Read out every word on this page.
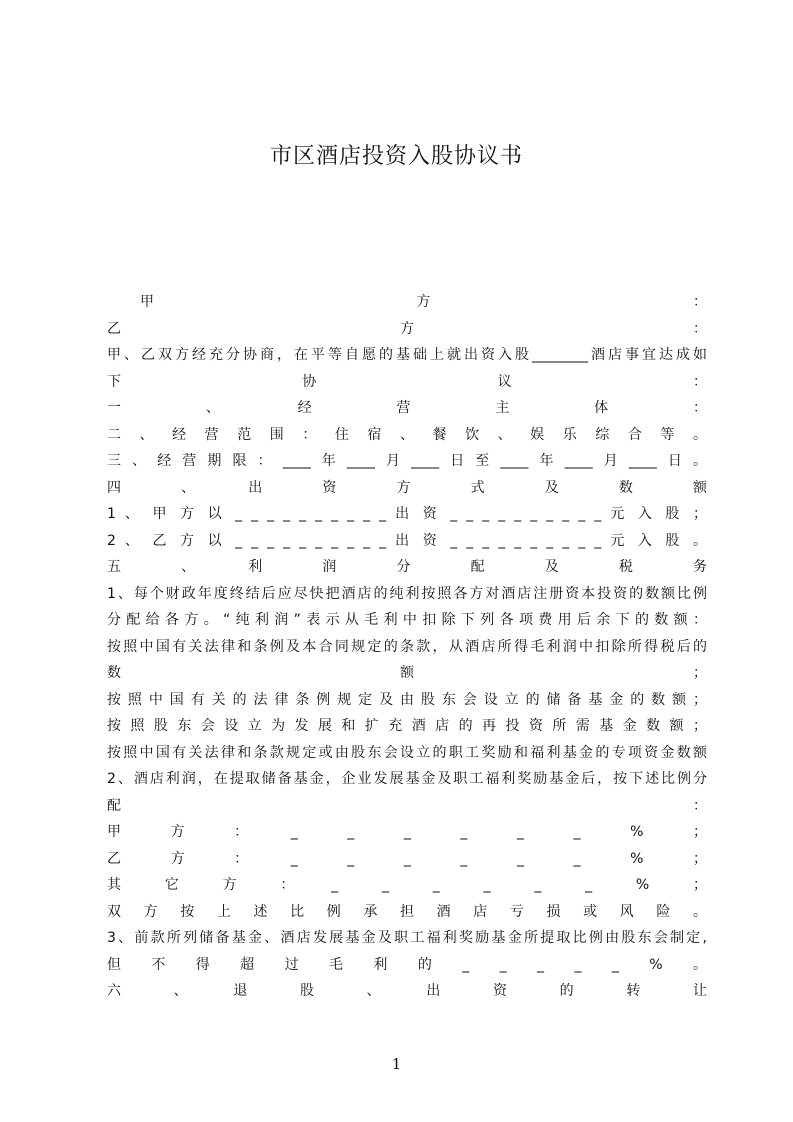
市区酒店投资入股协议书
甲　　　　　　　　　　方　　　　　　　　　　：
乙　　　　　　　　　　方　　　　　　　　　　：
甲、乙双方经充分协商，在平等自愿的基础上就出资入股________酒店事宜达成如
下　　　　　　协　　　　　　议　　　　　　：
一　　、　　经　　营　　主　　体　　：
二 、 经 营 范 围 ： 住 宿 、 餐 饮 、 娱 乐 综 合 等 。
三、经营期限：____年____月____日至____年____月____日。
四　、　出　资　方　式　及　数　额
1 、 甲 方 以 _ _ _ _ _ _ _ _ _ _ 出 资 _ _ _ _ _ _ _ _ _ _ 元 入 股 ；
2 、 乙 方 以 _ _ _ _ _ _ _ _ _ _ 出 资 _ _ _ _ _ _ _ _ _ _ 元 入 股 。
五　、　利　润　分　配　及　税　务
1、每个财政年度终结后应尽快把酒店的纯利按照各方对酒店注册资本投资的数额比例
分配给各方。“纯利润”表示从毛利中扣除下列各项费用后余下的数额：
按照中国有关法律和条例及本合同规定的条款，从酒店所得毛利润中扣除所得税后的
数　　　　　　　　　　额　　　　　　　　　　；
按照中国有关的法律条例规定及由股东会设立的储备基金的数额；
按照股东会设立为发展和扩充酒店的再投资所需基金数额；
按照中国有关法律和条款规定或由股东会设立的职工奖励和福利基金的专项资金数额
2、酒店利润，在提取储备基金，企业发展基金及职工福利奖励基金后，按下述比例分
配　　　　　　　　　　　　　　　　　　　　：
甲　方　：　_　_　_　_　_　_　%　；
乙　方　：　_　_　_　_　_　_　%　；
其　它　方　：　_　_　_　_　_　_　%　；
双 方 按 上 述 比 例 承 担 酒 店 亏 损 或 风 险 。
3、前款所列储备基金、酒店发展基金及职工福利奖励基金所提取比例由股东会制定,
但　不　得　超　过　毛　利　的　_　_　_　_　_　%　。
六　、　退　股　、　出　资　的　转　让
1
